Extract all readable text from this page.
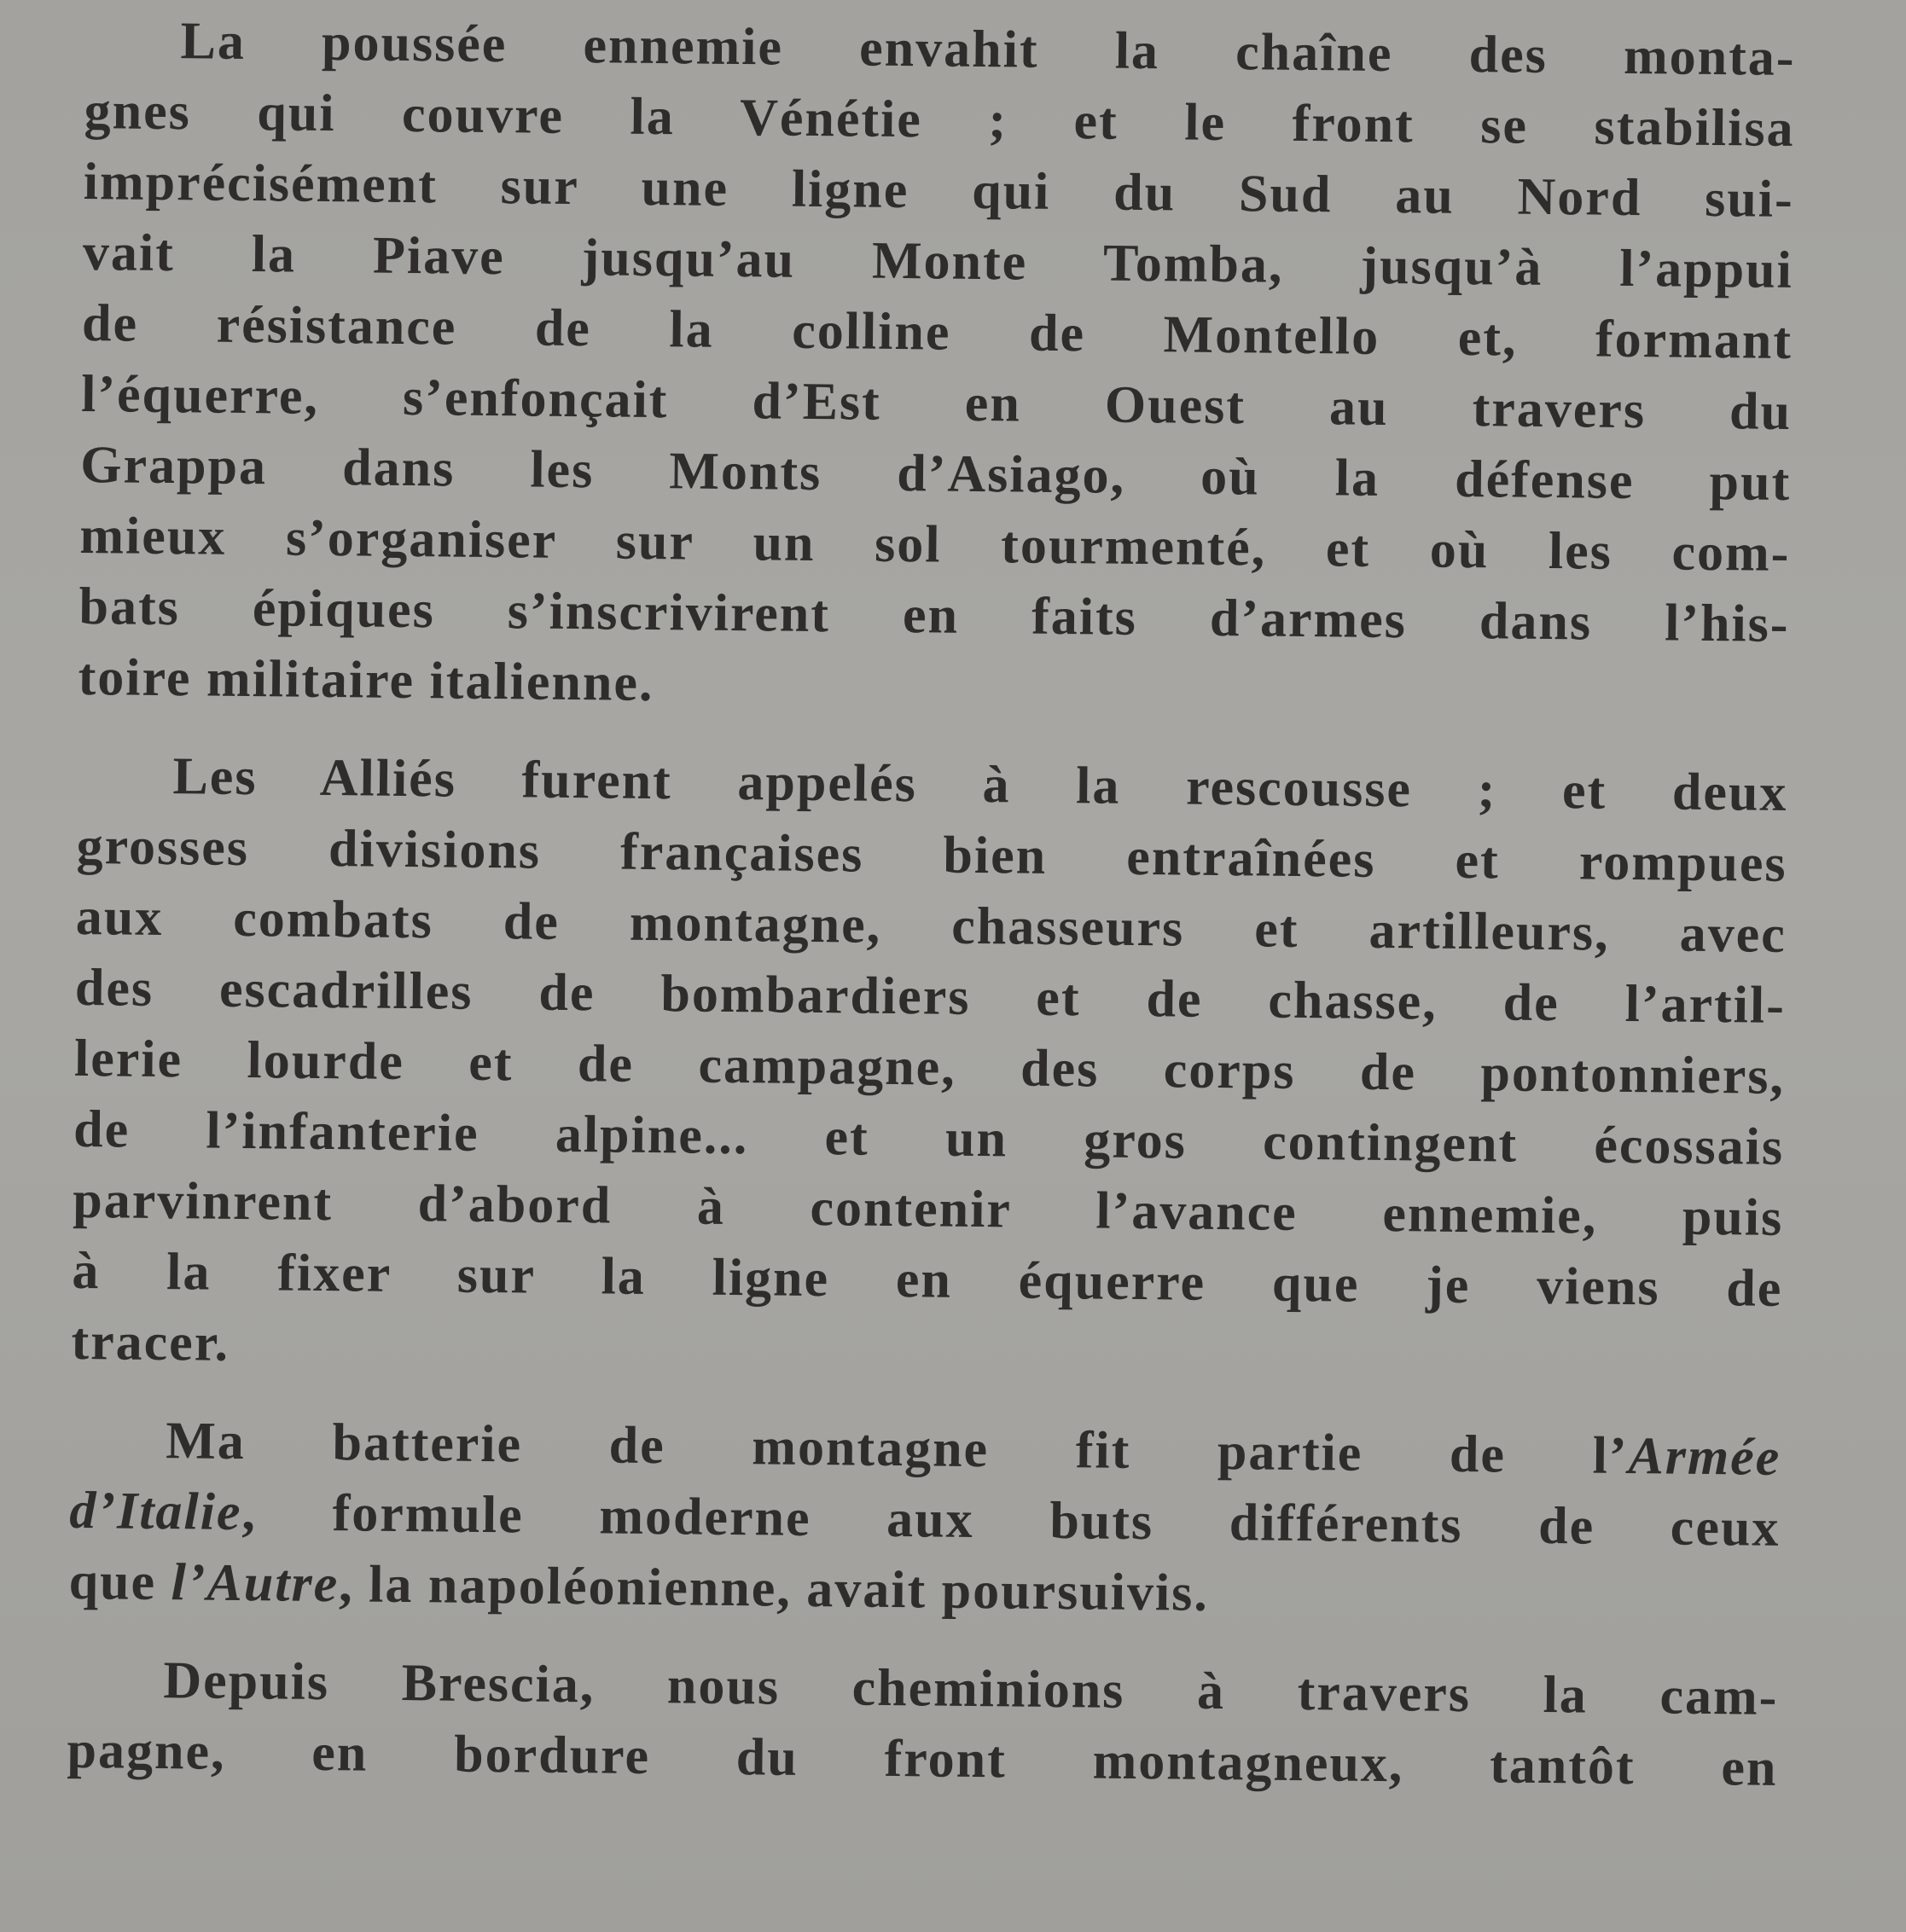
La poussée ennemie envahit la chaîne des monta-
gnes qui couvre la Vénétie ; et le front se stabilisa
imprécisément sur une ligne qui du Sud au Nord sui-
vait la Piave jusqu’au Monte Tomba, jusqu’à l’appui
de résistance de la colline de Montello et, formant
l’équerre, s’enfonçait d’Est en Ouest au travers du
Grappa dans les Monts d’Asiago, où la défense put
mieux s’organiser sur un sol tourmenté, et où les com-
bats épiques s’inscrivirent en faits d’armes dans l’his-
toire militaire italienne.
Les Alliés furent appelés à la rescousse ; et deux
grosses divisions françaises bien entraînées et rompues
aux combats de montagne, chasseurs et artilleurs, avec
des escadrilles de bombardiers et de chasse, de l’artil-
lerie lourde et de campagne, des corps de pontonniers,
de l’infanterie alpine... et un gros contingent écossais
parvinrent d’abord à contenir l’avance ennemie, puis
à la fixer sur la ligne en équerre que je viens de
tracer.
Ma batterie de montagne fit partie de l’Armée
d’Italie, formule moderne aux buts différents de ceux
que l’Autre, la napoléonienne, avait poursuivis.
Depuis Brescia, nous cheminions à travers la cam-
pagne, en bordure du front montagneux, tantôt en
